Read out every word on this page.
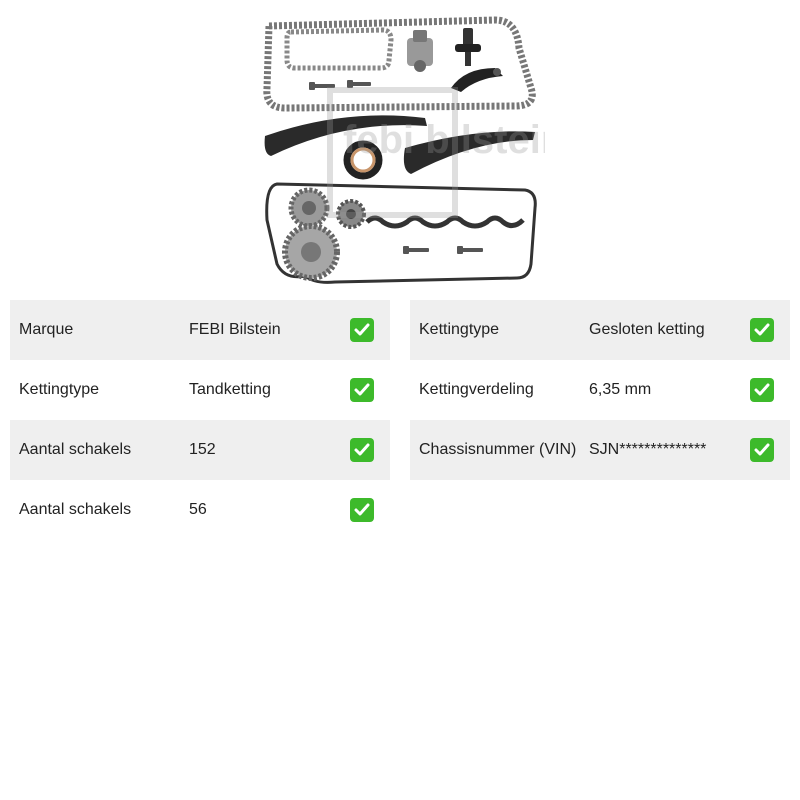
febi bilstein
Marque	FEBI Bilstein
Kettingtype	Tandketting
Aantal schakels	152
Aantal schakels	56
Kettingtype	Gesloten ketting
Kettingverdeling	6,35 mm
Chassisnummer (VIN) SJN**************
